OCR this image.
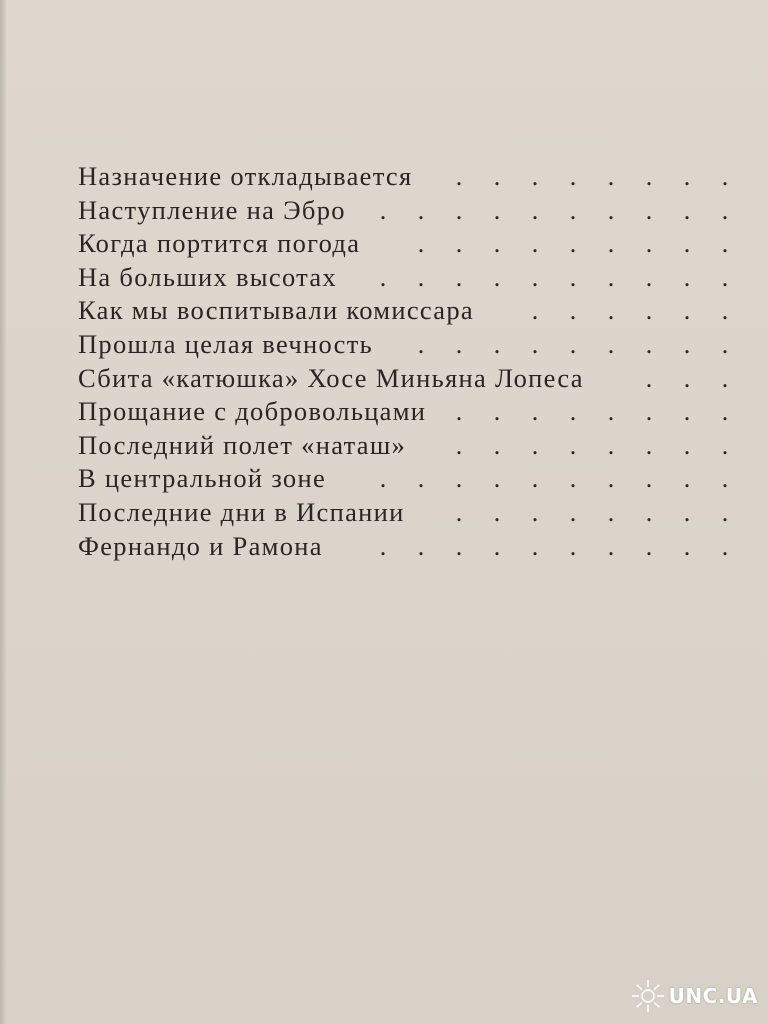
Назначение откладывается	. . . . . . . .
Наступление на Эбро	. . . . . . . . . .
Когда портится погода	. . . . . . . . .
На больших высотах	. . . . . . . . . .
Как мы воспитывали комиссара	. . . . . .
Прошла целая вечность	. . . . . . . . .
Сбита «катюшка» Хосе Миньяна Лопеса	. . .
Прощание с добровольцами	. . . . . . . .
Последний полет «наташ»	. . . . . . . .
В центральной зоне	. . . . . . . . . .
Последние дни в Испании	. . . . . . . .
Фернандо и Рамона	. . . . . . . . . .
UNC.UA
